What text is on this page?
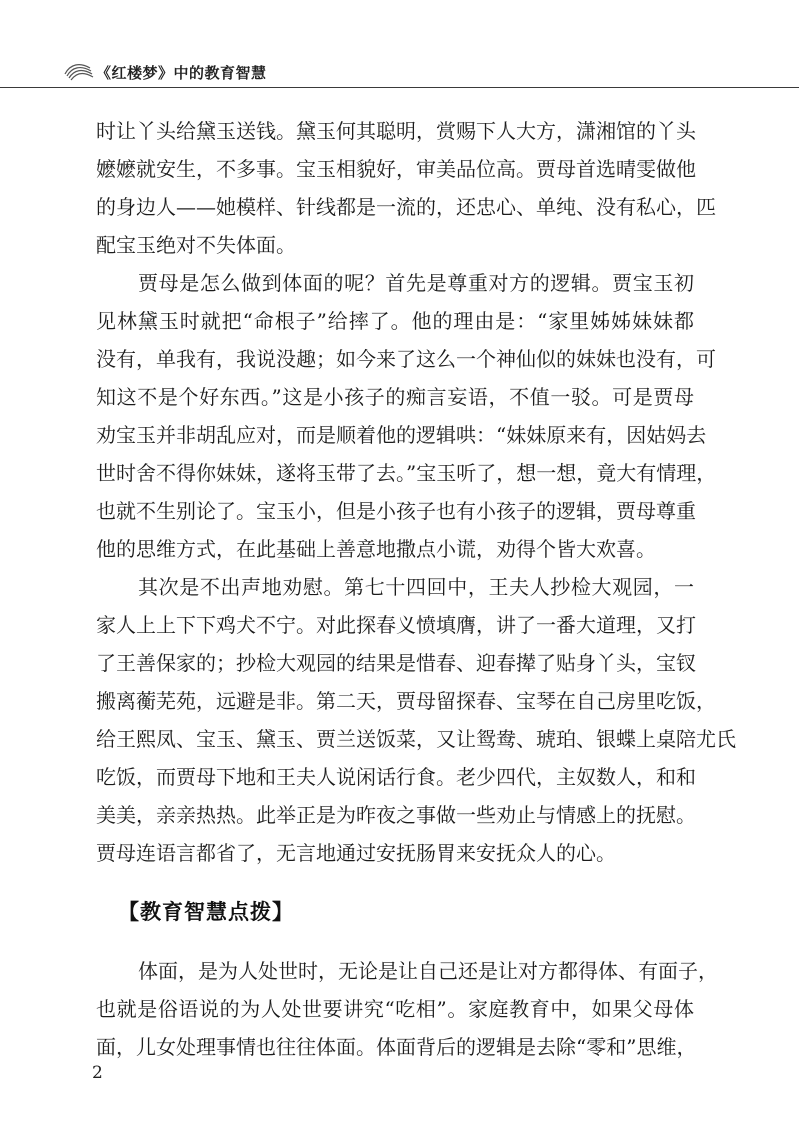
《红楼梦》中的教育智慧
时让丫头给黛玉送钱。黛玉何其聪明，赏赐下人大方，潇湘馆的丫头
嬷嬷就安生，不多事。宝玉相貌好，审美品位高。贾母首选晴雯做他
的身边人——她模样、针线都是一流的，还忠心、单纯、没有私心，匹
配宝玉绝对不失体面。
贾母是怎么做到体面的呢？首先是尊重对方的逻辑。贾宝玉初
见林黛玉时就把“命根子”给摔了。他的理由是：“家里姊姊妹妹都
没有，单我有，我说没趣；如今来了这么一个神仙似的妹妹也没有，可
知这不是个好东西。”这是小孩子的痴言妄语，不值一驳。可是贾母
劝宝玉并非胡乱应对，而是顺着他的逻辑哄：“妹妹原来有，因姑妈去
世时舍不得你妹妹，遂将玉带了去。”宝玉听了，想一想，竟大有情理，
也就不生别论了。宝玉小，但是小孩子也有小孩子的逻辑，贾母尊重
他的思维方式，在此基础上善意地撒点小谎，劝得个皆大欢喜。
其次是不出声地劝慰。第七十四回中，王夫人抄检大观园，一
家人上上下下鸡犬不宁。对此探春义愤填膺，讲了一番大道理，又打
了王善保家的；抄检大观园的结果是惜春、迎春撵了贴身丫头，宝钗
搬离蘅芜苑，远避是非。第二天，贾母留探春、宝琴在自己房里吃饭，
给王熙凤、宝玉、黛玉、贾兰送饭菜，又让鸳鸯、琥珀、银蝶上桌陪尤氏
吃饭，而贾母下地和王夫人说闲话行食。老少四代，主奴数人，和和
美美，亲亲热热。此举正是为昨夜之事做一些劝止与情感上的抚慰。
贾母连语言都省了，无言地通过安抚肠胃来安抚众人的心。
【教育智慧点拨】
体面，是为人处世时，无论是让自己还是让对方都得体、有面子，
也就是俗语说的为人处世要讲究“吃相”。家庭教育中，如果父母体
面，儿女处理事情也往往体面。体面背后的逻辑是去除“零和”思维，
2
